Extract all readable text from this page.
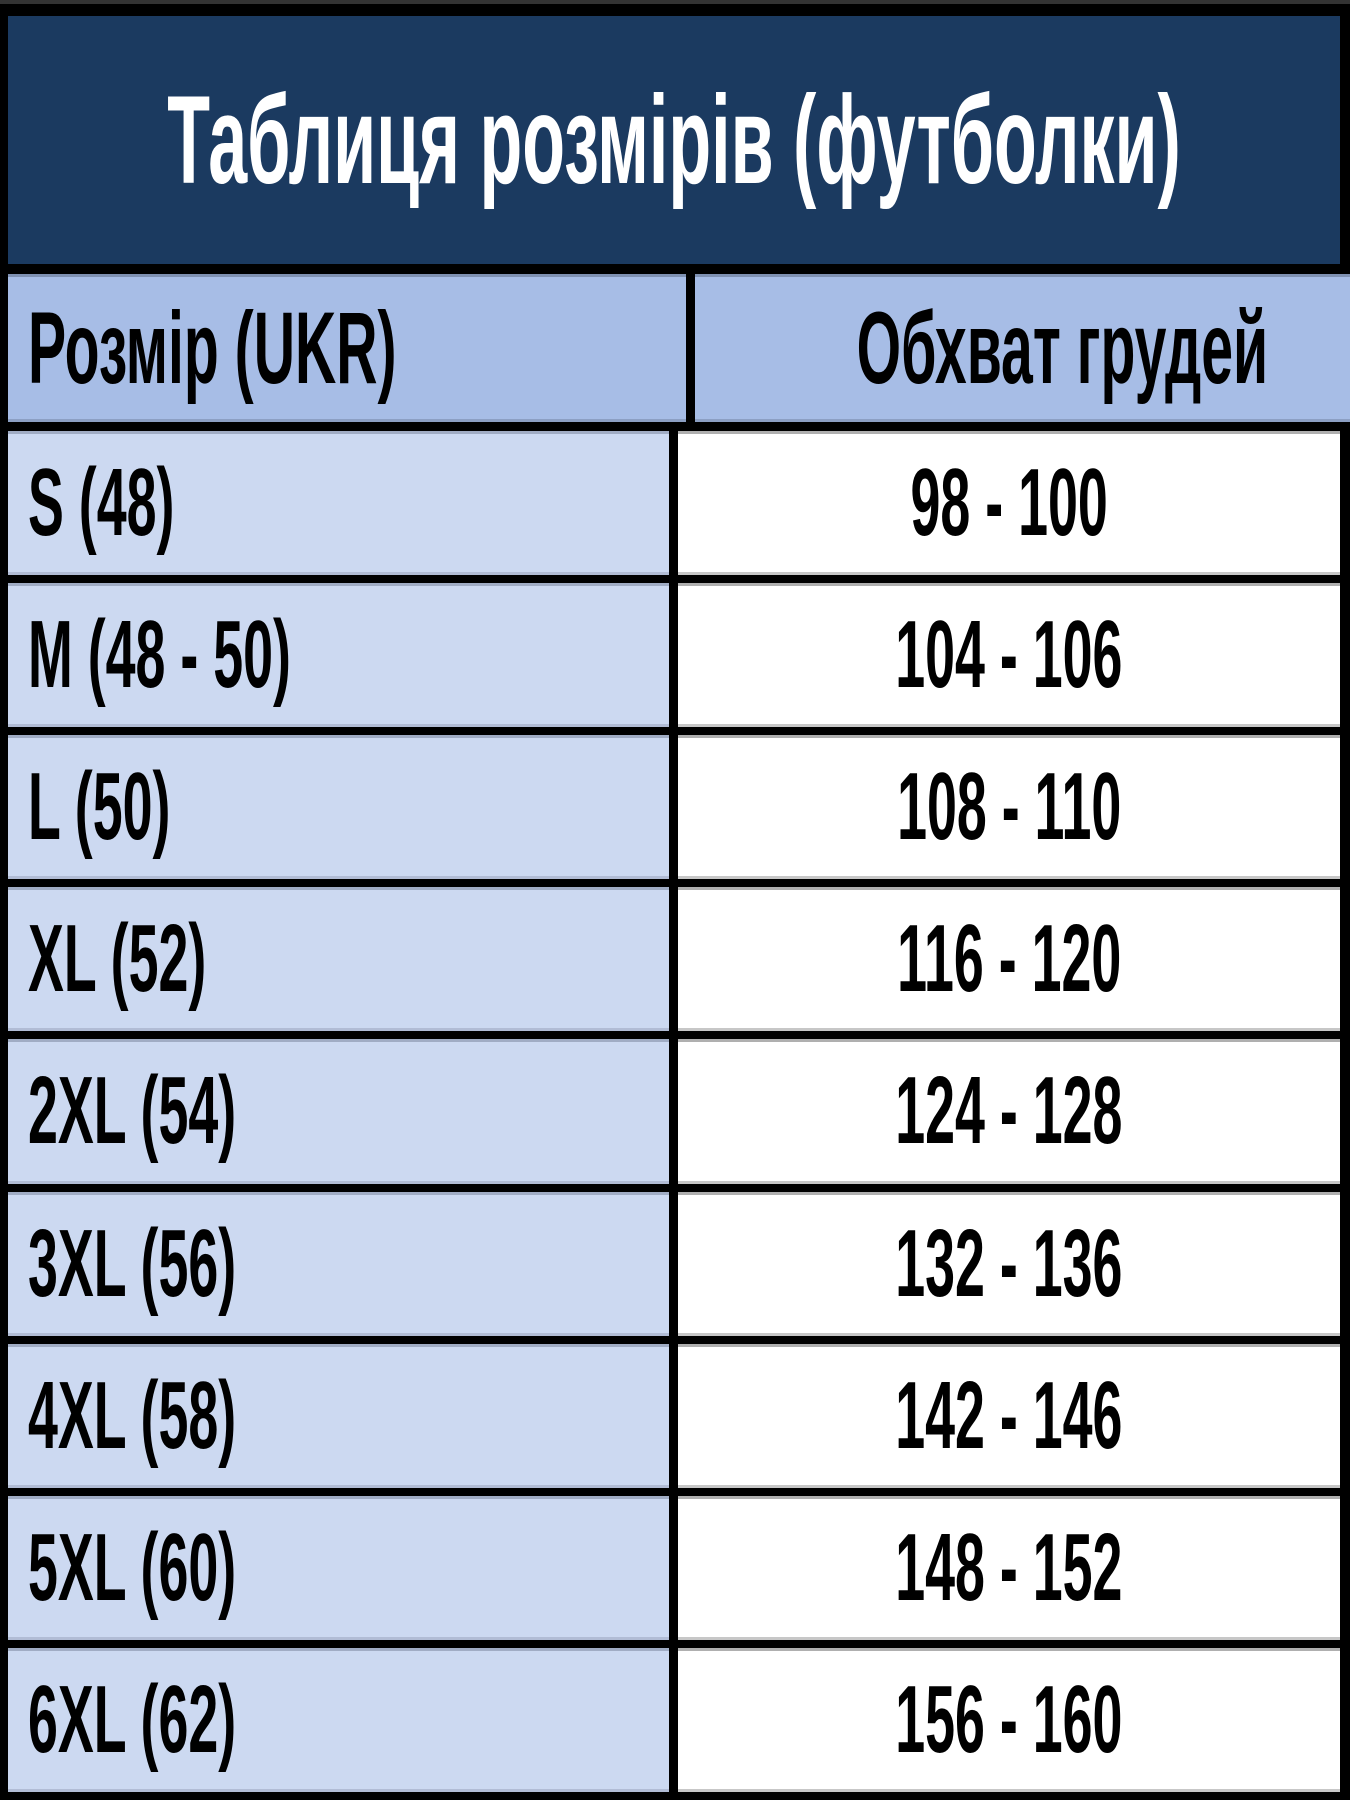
Таблиця розмірів (футболки)
Розмір (UKR)	Обхват грудей
S (48)	98 - 100
M (48 - 50)	104 - 106
L (50)	108 - 110
XL (52)	116 - 120
2XL (54)	124 - 128
3XL (56)	132 - 136
4XL (58)	142 - 146
5XL (60)	148 - 152
6XL (62)	156 - 160
